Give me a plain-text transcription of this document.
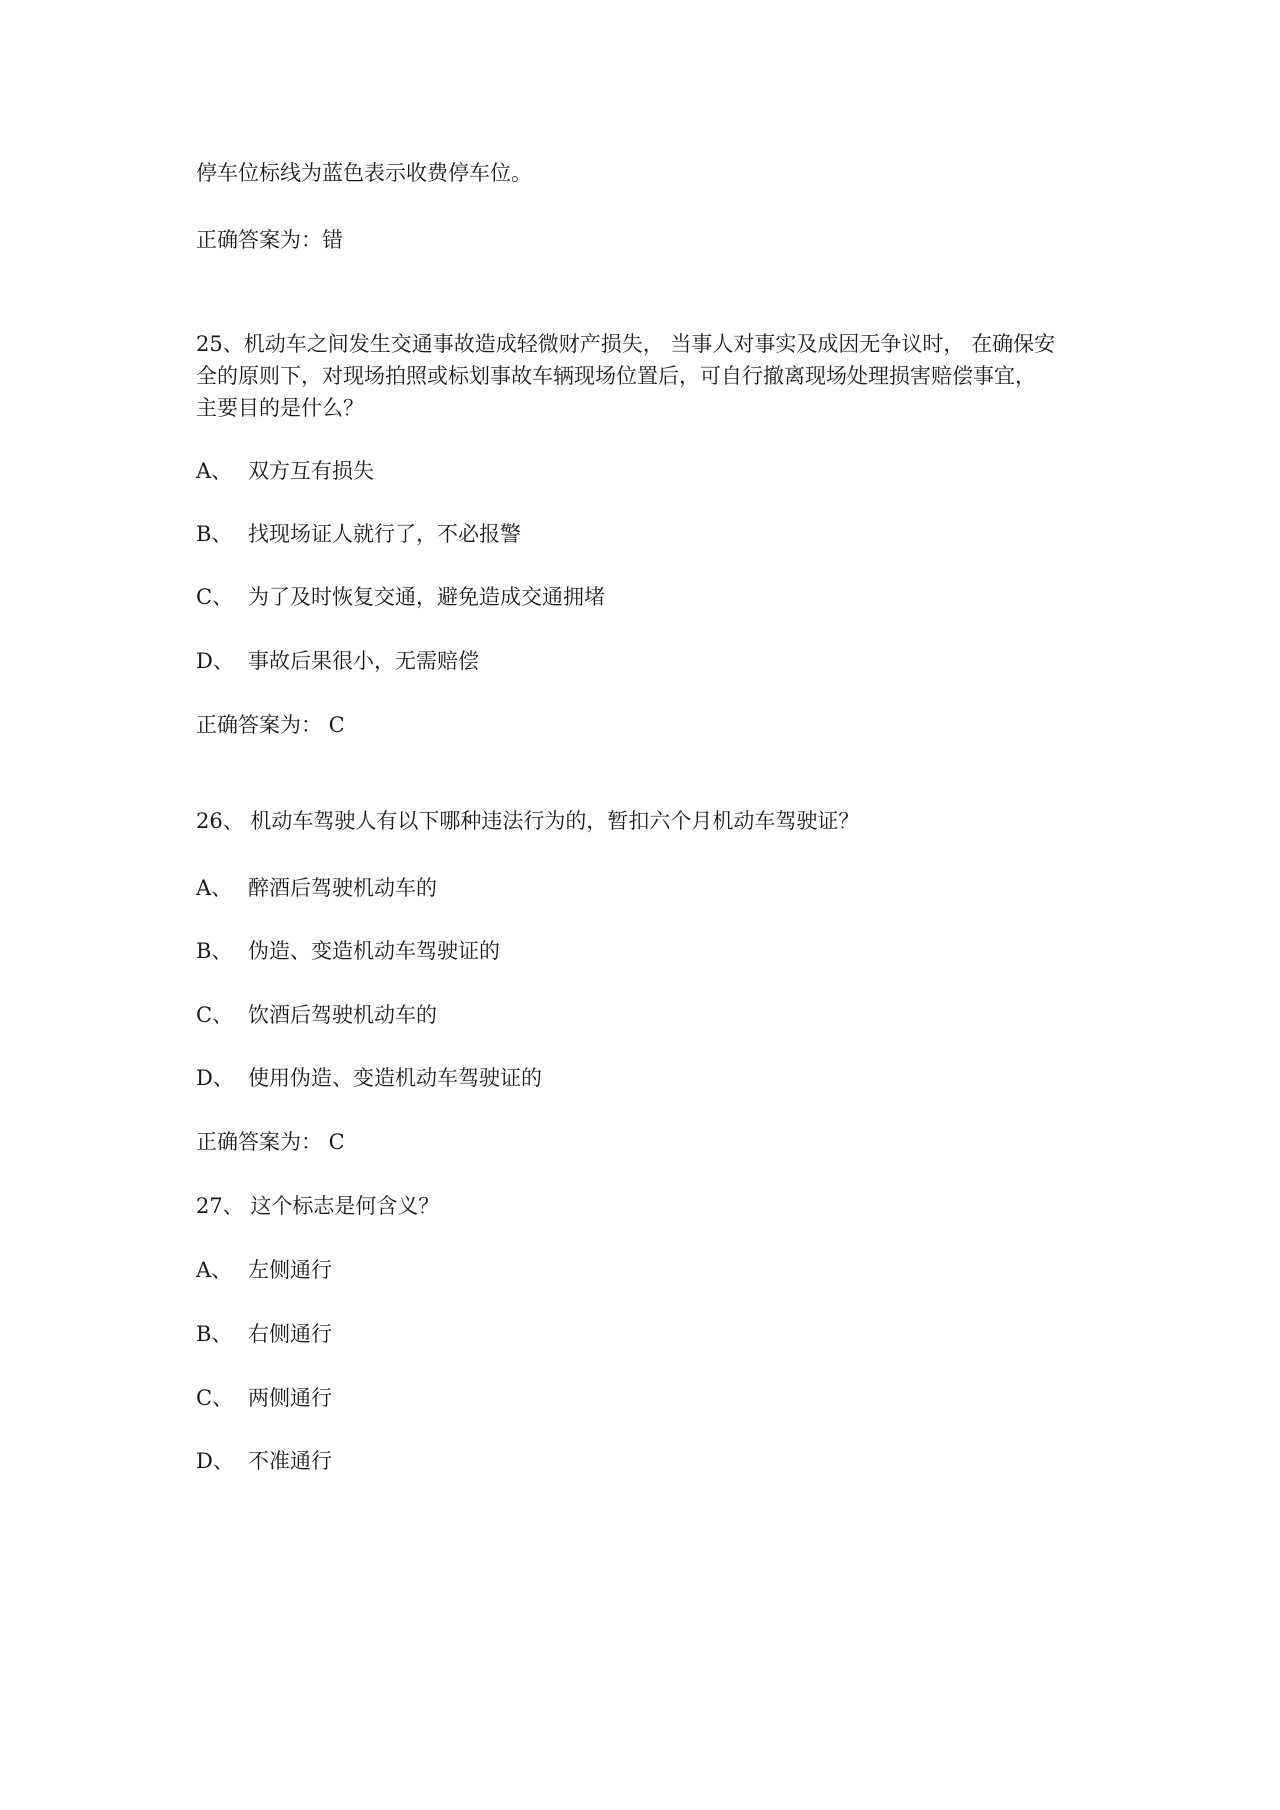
停车位标线为蓝色表示收费停车位。
正确答案为：错
25、机动车之间发生交通事故造成轻微财产损失， 当事人对事实及成因无争议时， 在确保安
全的原则下，对现场拍照或标划事故车辆现场位置后，可自行撤离现场处理损害赔偿事宜，
主要目的是什么？
A、 双方互有损失
B、 找现场证人就行了，不必报警
C、 为了及时恢复交通，避免造成交通拥堵
D、 事故后果很小，无需赔偿
正确答案为： C
26、 机动车驾驶人有以下哪种违法行为的，暂扣六个月机动车驾驶证？
A、 醉酒后驾驶机动车的
B、 伪造、变造机动车驾驶证的
C、 饮酒后驾驶机动车的
D、 使用伪造、变造机动车驾驶证的
正确答案为： C
27、 这个标志是何含义？
A、 左侧通行
B、 右侧通行
C、 两侧通行
D、 不准通行
